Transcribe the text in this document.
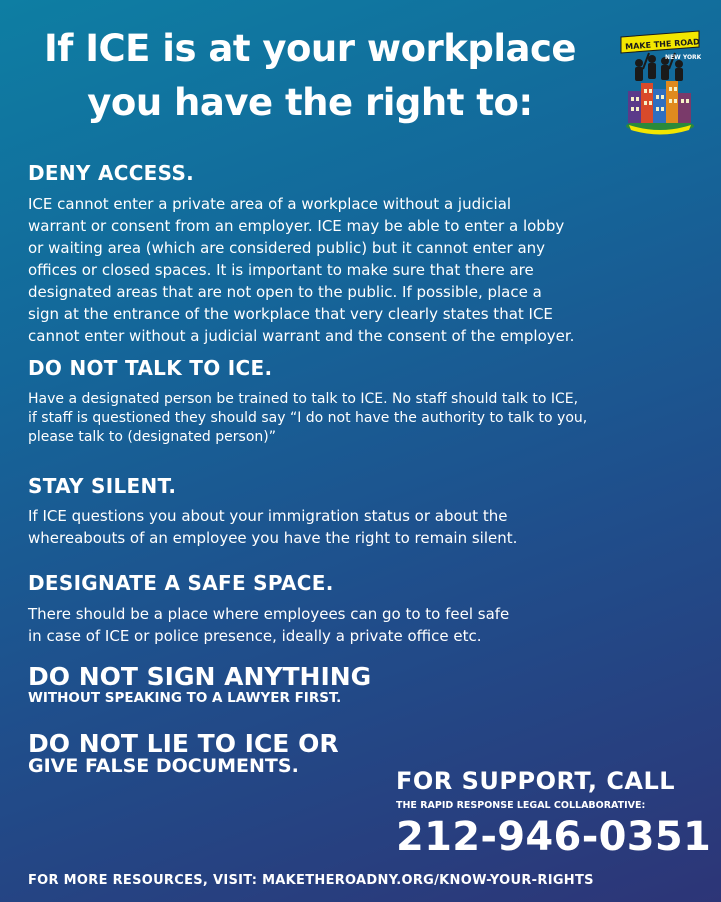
If ICE is at your workplace
you have the right to:
MAKE THE ROAD
NEW YORK
DENY ACCESS.
ICE cannot enter a private area of a workplace without a judicial
warrant or consent from an employer. ICE may be able to enter a lobby
or waiting area (which are considered public) but it cannot enter any
offices or closed spaces. It is important to make sure that there are
designated areas that are not open to the public. If possible, place a
sign at the entrance of the workplace that very clearly states that ICE
cannot enter without a judicial warrant and the consent of the employer.
DO NOT TALK TO ICE.
Have a designated person be trained to talk to ICE. No staff should talk to ICE,
if staff is questioned they should say “I do not have the authority to talk to you,
please talk to (designated person)”
STAY SILENT.
If ICE questions you about your immigration status or about the
whereabouts of an employee you have the right to remain silent.
DESIGNATE A SAFE SPACE.
There should be a place where employees can go to to feel safe
in case of ICE or police presence, ideally a private office etc.
DO NOT SIGN ANYTHING
WITHOUT SPEAKING TO A LAWYER FIRST.
DO NOT LIE TO ICE OR
GIVE FALSE DOCUMENTS.
FOR SUPPORT, CALL
THE RAPID RESPONSE LEGAL COLLABORATIVE:
212-946-0351
FOR MORE RESOURCES, VISIT: MAKETHEROADNY.ORG/KNOW-YOUR-RIGHTS
